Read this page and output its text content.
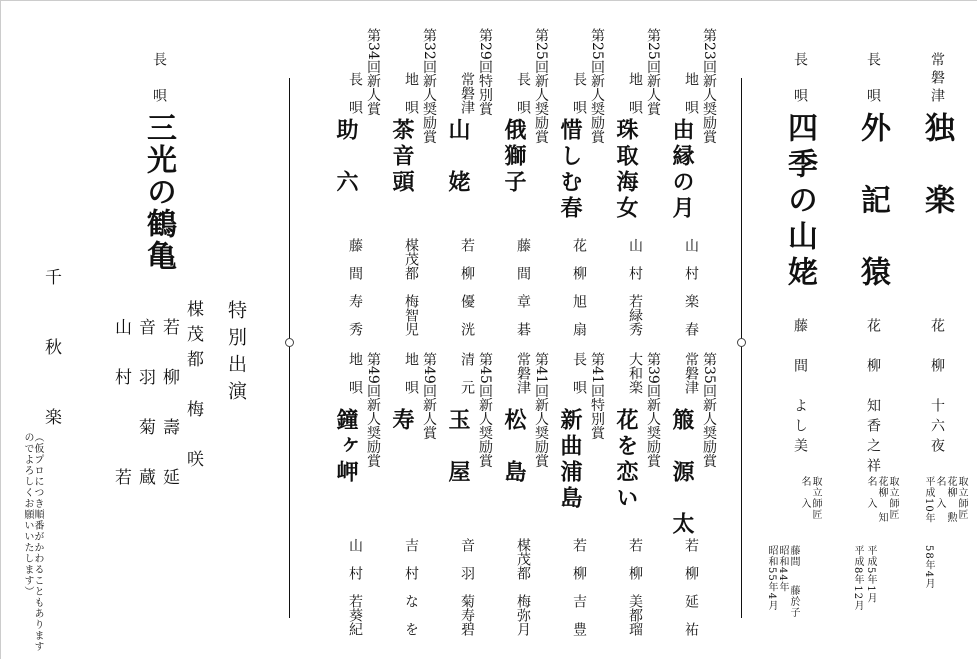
常磐津
独　楽
花　柳　十六夜
長　唄
外　記　猿
花　柳　知香之祥
長　唄
四季の山姥
藤　間　よし美
取立師匠
花柳
勲
名　入
平成10年
58年4月
取立師匠
花柳
知
名　入
平成5年1月
平成8年12月
取立師匠
名　入
藤間
藤於子
昭和44年
昭和55年4月
第23回新人奨励賞
地　唄
由縁の月
山　村　楽　春
第25回新人賞
地　唄
珠取海女
山　村　若緑秀
第25回新人奨励賞
長　唄
惜しむ春
花　柳　旭　扇
第25回新人奨励賞
長　唄
俄獅子
藤　間　章　碁
第29回特別賞
常磐津
山　姥
若　柳　優　洸
第32回新人奨励賞
地　唄
茶音頭
楳茂都　梅智児
第34回新人賞
長　唄
助　六
藤　間　寿　秀
第35回新人奨励賞
常磐津
箙　源　太
若　柳　延　祐
第39回新人奨励賞
大和楽
花を恋い
若　柳　美都瑠
第41回特別賞
長　唄
新曲浦島
若　柳　吉　豊
第41回新人奨励賞
常磐津
松　島
楳茂都　梅弥月
第45回新人奨励賞
清　元
玉　屋
音　羽　菊寿碧
第49回新人賞
地　唄
寿
吉　村　な　を
第49回新人奨励賞
地　唄
鐘ヶ岬
山　村　若葵紀
長　唄
三光の鶴亀
特別出演
楳茂都　梅　咲
若　柳　壽　延
音　羽　菊　蔵
山　村　　　若
千　秋　楽
（仮プロにつき順番がかわることもありますのでよろしくお願いいたします）
